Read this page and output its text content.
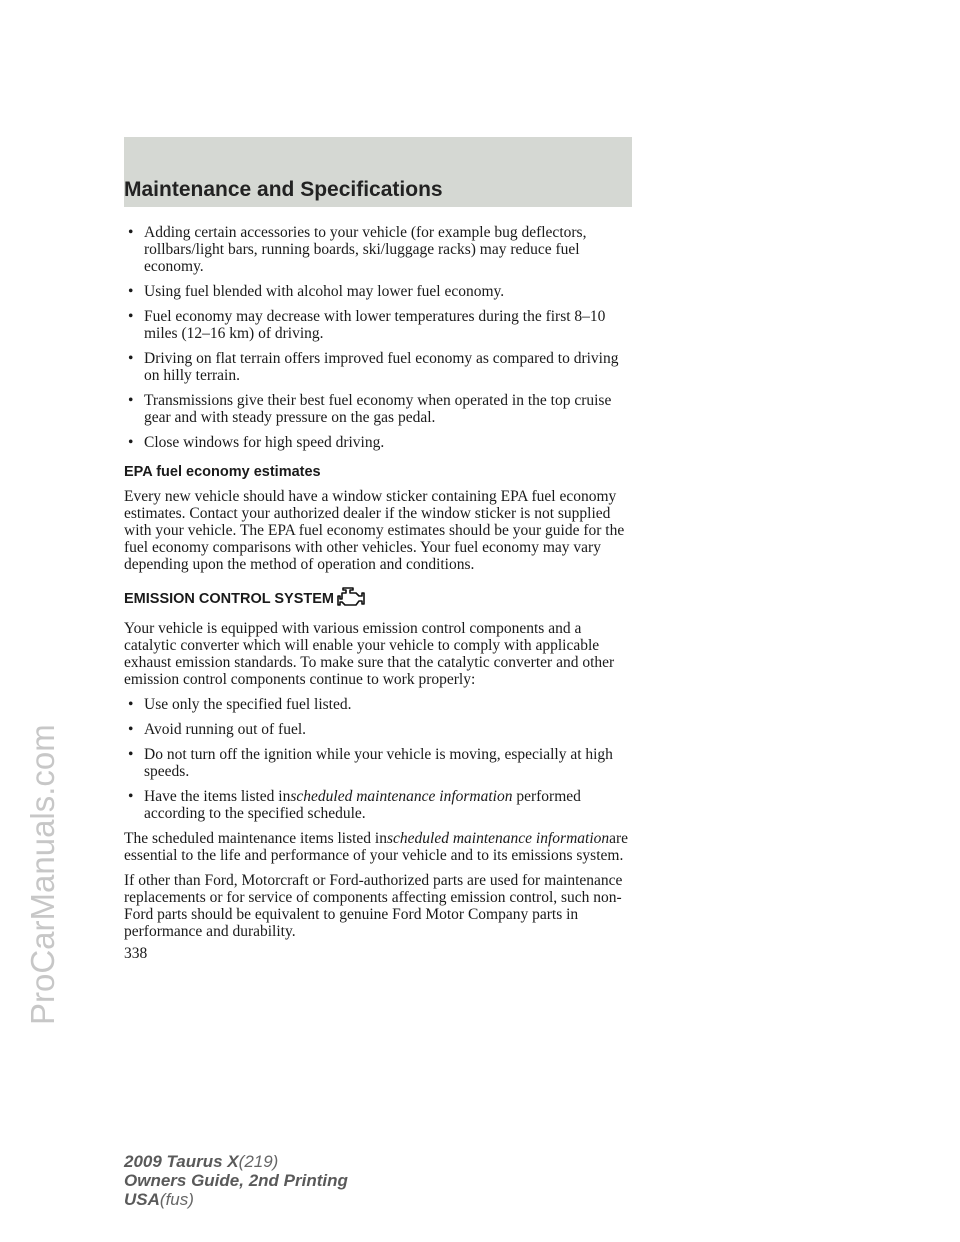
ProCarManuals.com
Maintenance and Specifications
• Adding certain accessories to your vehicle (for example bug deflectors, rollbars/light bars, running boards, ski/luggage racks) may reduce fuel economy.
• Using fuel blended with alcohol may lower fuel economy.
• Fuel economy may decrease with lower temperatures during the first 8–10 miles (12–16 km) of driving.
• Driving on flat terrain offers improved fuel economy as compared to driving on hilly terrain.
• Transmissions give their best fuel economy when operated in the top cruise gear and with steady pressure on the gas pedal.
• Close windows for high speed driving.
EPA fuel economy estimates

Every new vehicle should have a window sticker containing EPA fuel economy estimates. Contact your authorized dealer if the window sticker is not supplied with your vehicle. The EPA fuel economy estimates should be your guide for the fuel economy comparisons with other vehicles. Your fuel economy may vary depending upon the method of operation and conditions.

EMISSION CONTROL SYSTEM

Your vehicle is equipped with various emission control components and a catalytic converter which will enable your vehicle to comply with applicable exhaust emission standards. To make sure that the catalytic converter and other emission control components continue to work properly:

• Use only the specified fuel listed.
• Avoid running out of fuel.
• Do not turn off the ignition while your vehicle is moving, especially at high speeds.
• Have the items listed inscheduled maintenance information performed according to the specified schedule.

The scheduled maintenance items listed inscheduled maintenance informationare essential to the life and performance of your vehicle and to its emissions system.

If other than Ford, Motorcraft or Ford-authorized parts are used for maintenance replacements or for service of components affecting emission control, such non-Ford parts should be equivalent to genuine Ford Motor Company parts in performance and durability.

338
2009 Taurus X(219)
Owners Guide, 2nd Printing
USA(fus)
